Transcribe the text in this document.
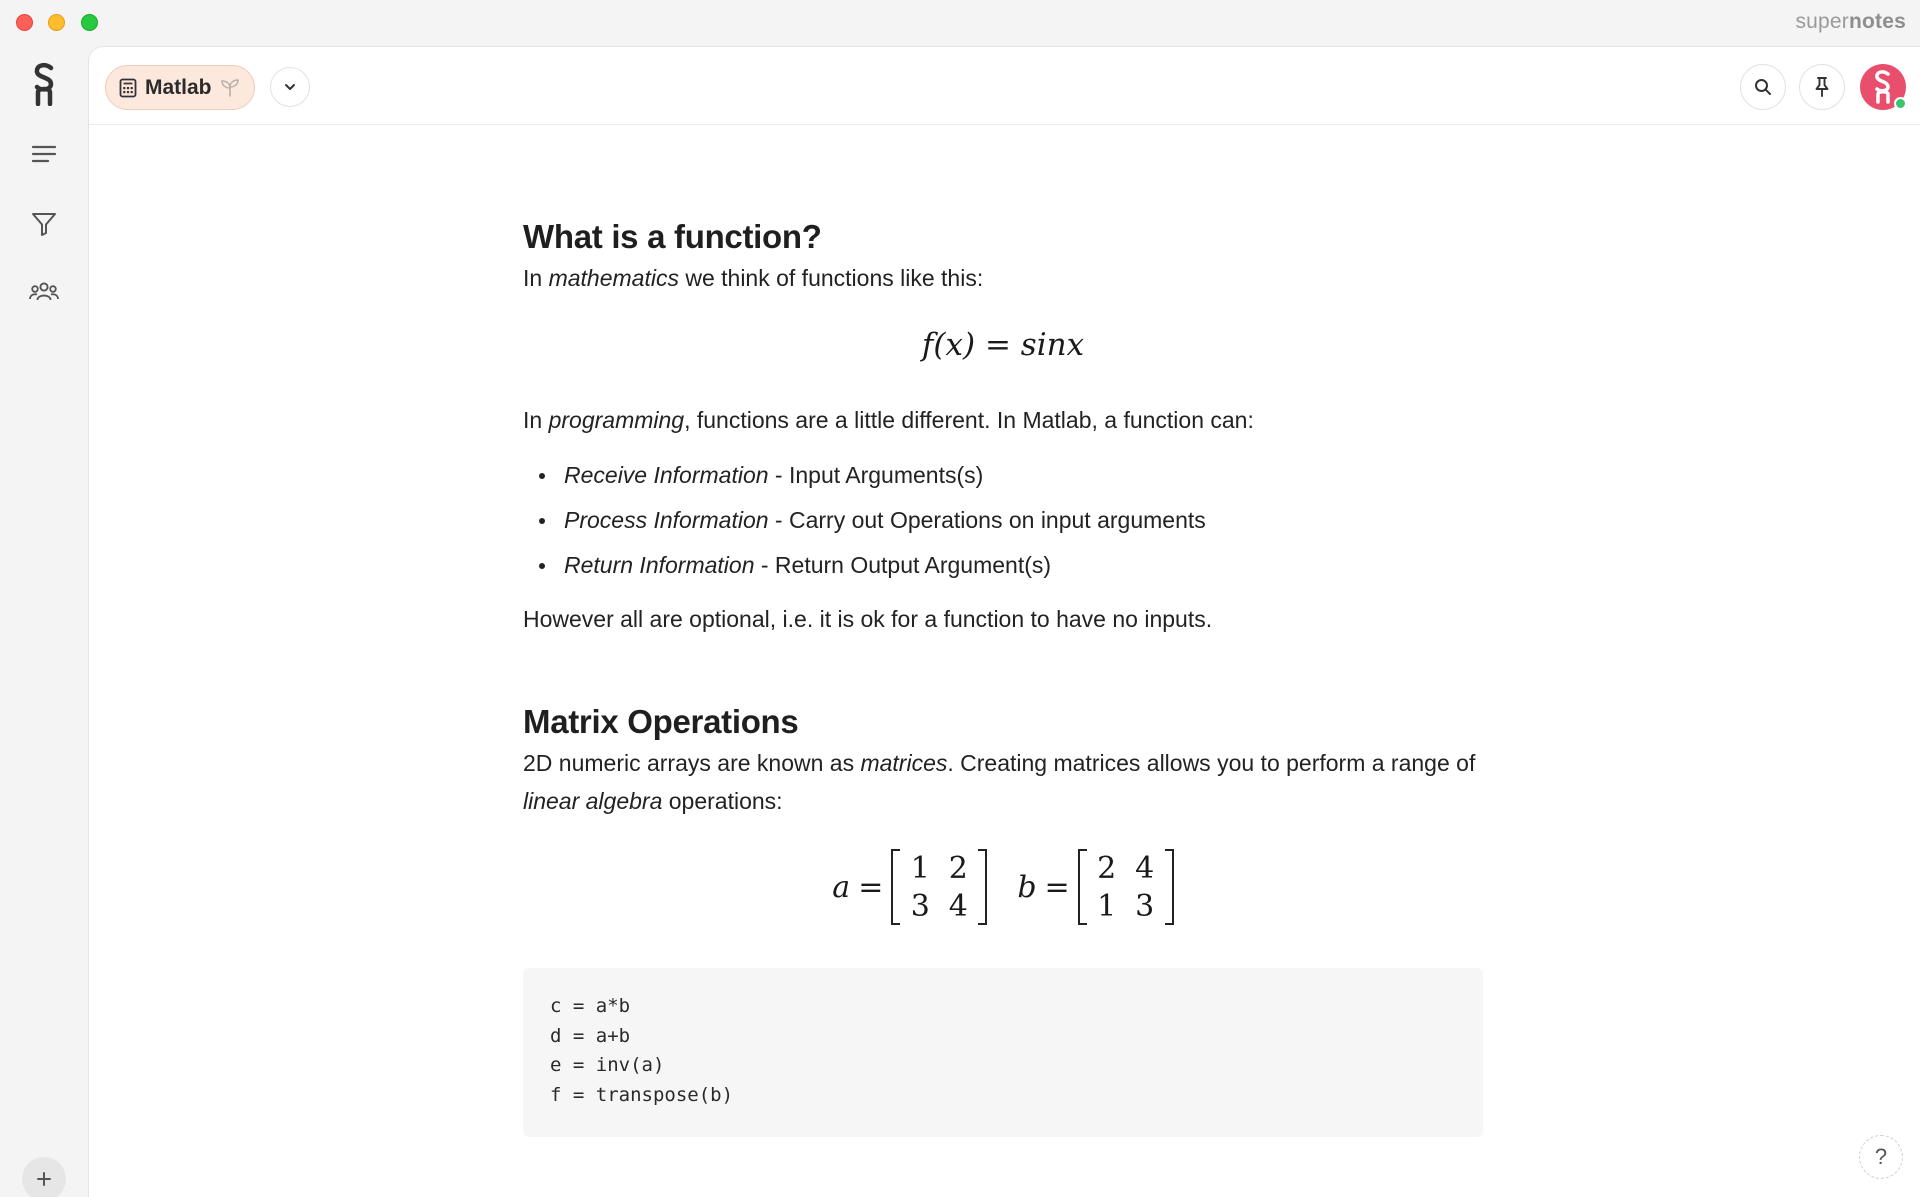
supernotes
Matlab
What is a function?

In mathematics we think of functions like this:

f(x) = sinx

In programming, functions are a little different. In Matlab, a function can:

Receive Information - Input Arguments(s)
Process Information - Carry out Operations on input arguments
Return Information - Return Output Argument(s)

However all are optional, i.e. it is ok for a function to have no inputs.

Matrix Operations

2D numeric arrays are known as matrices. Creating matrices allows you to perform a range of linear algebra operations:

a =
1 2
3 4
b =
2 4
1 3
c = a*b
d = a+b
e = inv(a)
f = transpose(b)
?
